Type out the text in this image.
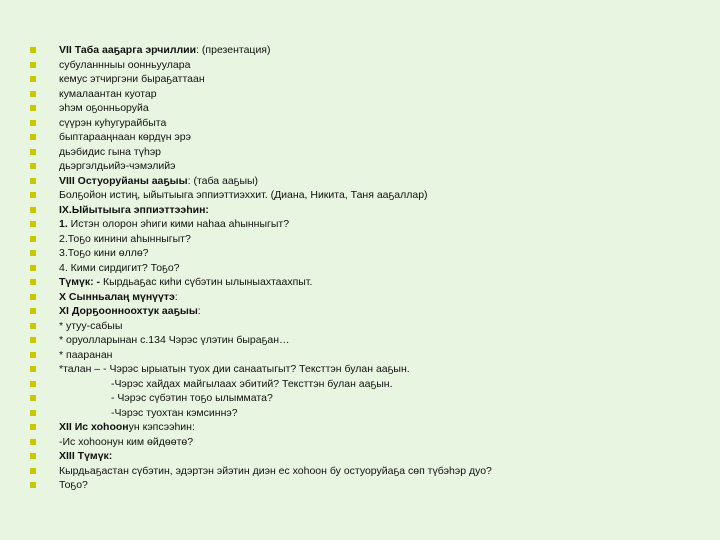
VII Таба ааҕарга эрчиллии: (презентация)
субуланнныы оонньуулара
кемус этчиргэни быраҕаттаан
кумалаантан куотар
эһэм оҕонньоруйа
сүүрэн куһугурайбыта
быптарааңнаан көрдүн эрэ
дьэбидис гына түһэр
дьэргэлдьийэ-чэмэлийэ
VIII Остуоруйаны ааҕыы: (таба ааҕыы)
Болҕойон истиң, ыйытыыга эппиэттиэххит. (Диана, Никита, Таня ааҕаллар)
IX.Ыйытыыга эппиэттээһин:
1. Истэн олорон эһиги кими наһаа аһынныгыт?
2.Тоҕо кинини аһынныгыт?
3.Тоҕо кини өллө?
4. Кими сирдигит? Тоҕо?
Түмүк: - Кырдьаҕас киһи сүбэтин ылыныахтаахпыт.
X Сынньалаң мүнүүтэ:
XI Дорҕоонноохтук ааҕыы:
* утуу-сабыы
* оруолларынан с.134 Чэрэс үлэтин быраҕан…
* пааранан
*талан – - Чэрэс ырыатын туох дии санаатыгыт? Тексттэн булан ааҕын.
-Чэрэс хайдах майгылаах эбитий? Тексттэн булан ааҕын.
- Чэрэс сүбэтин тоҕо ылымматa?
-Чэрэс туохтан кэмсиннэ?
XII Ис хоһоонун кэпсээһин:
-Ис хоһоонун ким өйдөөтө?
XIII Түмүк:
Кырдьаҕастан сүбэтин, эдэртэн эйэтин диэн ес хоһоон бу остуоруйаҕа сөп түбэһэр дуо?
Тоҕо?
